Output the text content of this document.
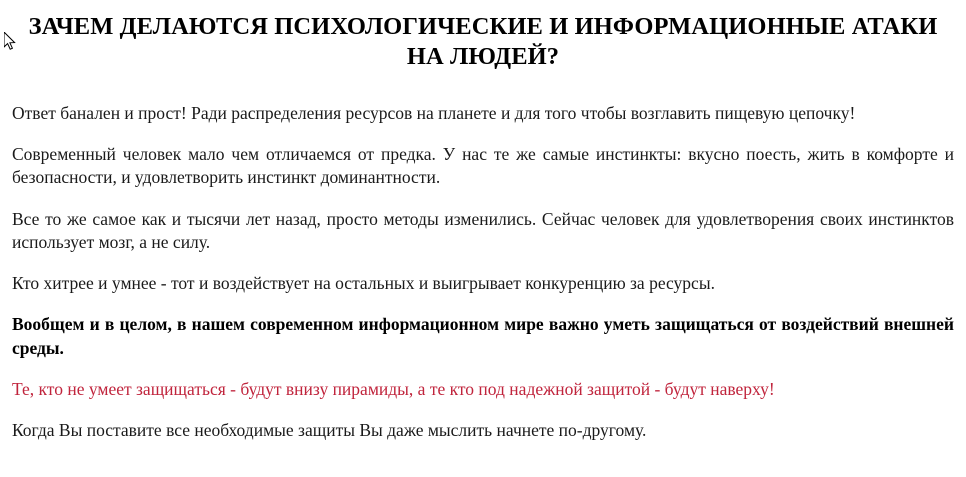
ЗАЧЕМ ДЕЛАЮТСЯ ПСИХОЛОГИЧЕСКИЕ И ИНФОРМАЦИОННЫЕ АТАКИ НА ЛЮДЕЙ?

Ответ банален и прост! Ради распределения ресурсов на планете и для того чтобы возглавить пищевую цепочку!

Современный человек мало чем отличаемся от предка. У нас те же самые инстинкты: вкусно поесть, жить в комфорте и безопасности, и удовлетворить инстинкт доминантности.

Все то же самое как и тысячи лет назад, просто методы изменились. Сейчас человек для удовлетворения своих инстинктов использует мозг, а не силу.

Кто хитрее и умнее - тот и воздействует на остальных и выигрывает конкуренцию за ресурсы.

Вообщем и в целом, в нашем современном информационном мире важно уметь защищаться от воздействий внешней среды.

Те, кто не умеет защищаться - будут внизу пирамиды, а те кто под надежной защитой - будут наверху!

Когда Вы поставите все необходимые защиты Вы даже мыслить начнете по-другому.
